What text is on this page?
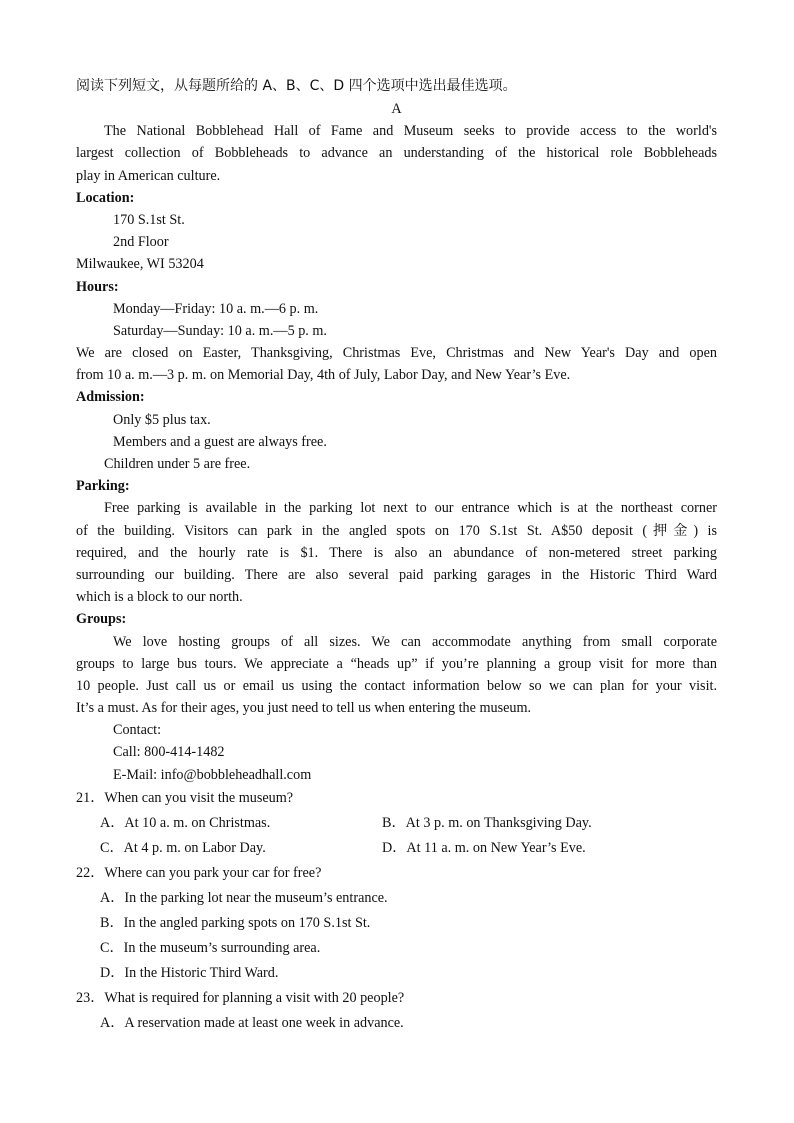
阅读下列短文，从每题所给的 A、B、C、D 四个选项中选出最佳选项。
A
The National Bobblehead Hall of Fame and Museum seeks to provide access to the world's
largest collection of Bobbleheads to advance an understanding of the historical role Bobbleheads
play in American culture.
Location:
170 S.1st St.
2nd Floor
Milwaukee, WI 53204
Hours:
Monday—Friday: 10 a. m.—6 p. m.
Saturday—Sunday: 10 a. m.—5 p. m.
We are closed on Easter, Thanksgiving, Christmas Eve, Christmas and New Year's Day and open
from 10 a. m.—3 p. m. on Memorial Day, 4th of July, Labor Day, and New Year’s Eve.
Admission:
Only $5 plus tax.
Members and a guest are always free.
Children under 5 are free.
Parking:
Free parking is available in the parking lot next to our entrance which is at the northeast corner
of the building. Visitors can park in the angled spots on 170 S.1st St. A$50 deposit (押金) is
required, and the hourly rate is $1. There is also an abundance of non-metered street parking
surrounding our building. There are also several paid parking garages in the Historic Third Ward
which is a block to our north.
Groups:
We love hosting groups of all sizes. We can accommodate anything from small corporate
groups to large bus tours. We appreciate a “heads up” if you’re planning a group visit for more than
10 people. Just call us or email us using the contact information below so we can plan for your visit.
It’s a must. As for their ages, you just need to tell us when entering the museum.
Contact:
Call: 800-414-1482
E-Mail: info@bobbleheadhall.com
21．When can you visit the museum?
A．At 10 a. m. on Christmas.	B．At 3 p. m. on Thanksgiving Day.
C．At 4 p. m. on Labor Day.	D．At 11 a. m. on New Year’s Eve.
22．Where can you park your car for free?
A．In the parking lot near the museum’s entrance.
B．In the angled parking spots on 170 S.1st St.
C．In the museum’s surrounding area.
D．In the Historic Third Ward.
23．What is required for planning a visit with 20 people?
A．A reservation made at least one week in advance.
